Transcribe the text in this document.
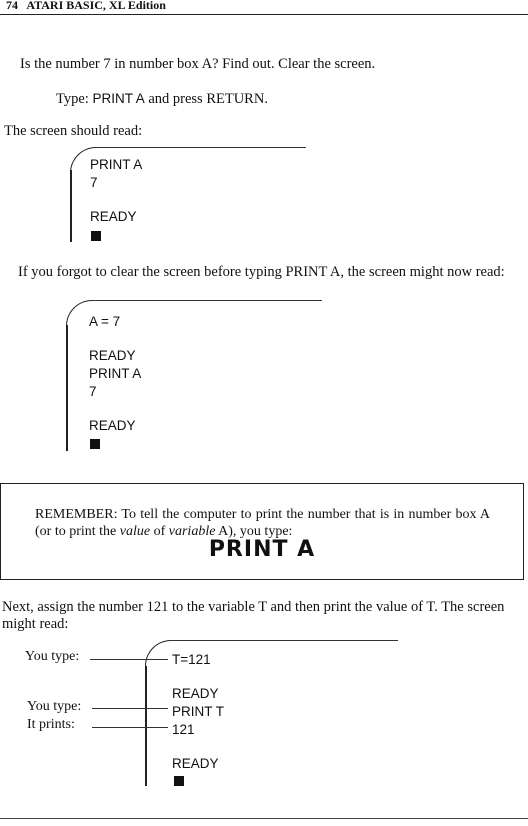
74 ATARI BASIC, XL Edition
Is the number 7 in number box A? Find out. Clear the screen.
Type: PRINT A and press RETURN.
The screen should read:
PRINT A
7
READY
If you forgot to clear the screen before typing PRINT A, the screen might now read:
A = 7
READY
PRINT A
7
READY
REMEMBER: To tell the computer to print the number that is in number box A (or to print the value of variable A), you type:
PRINT A
Next, assign the number 121 to the variable T and then print the value of T. The screen might read:
You type:
You type:
It prints:
T=121
READY
PRINT T
121
READY
